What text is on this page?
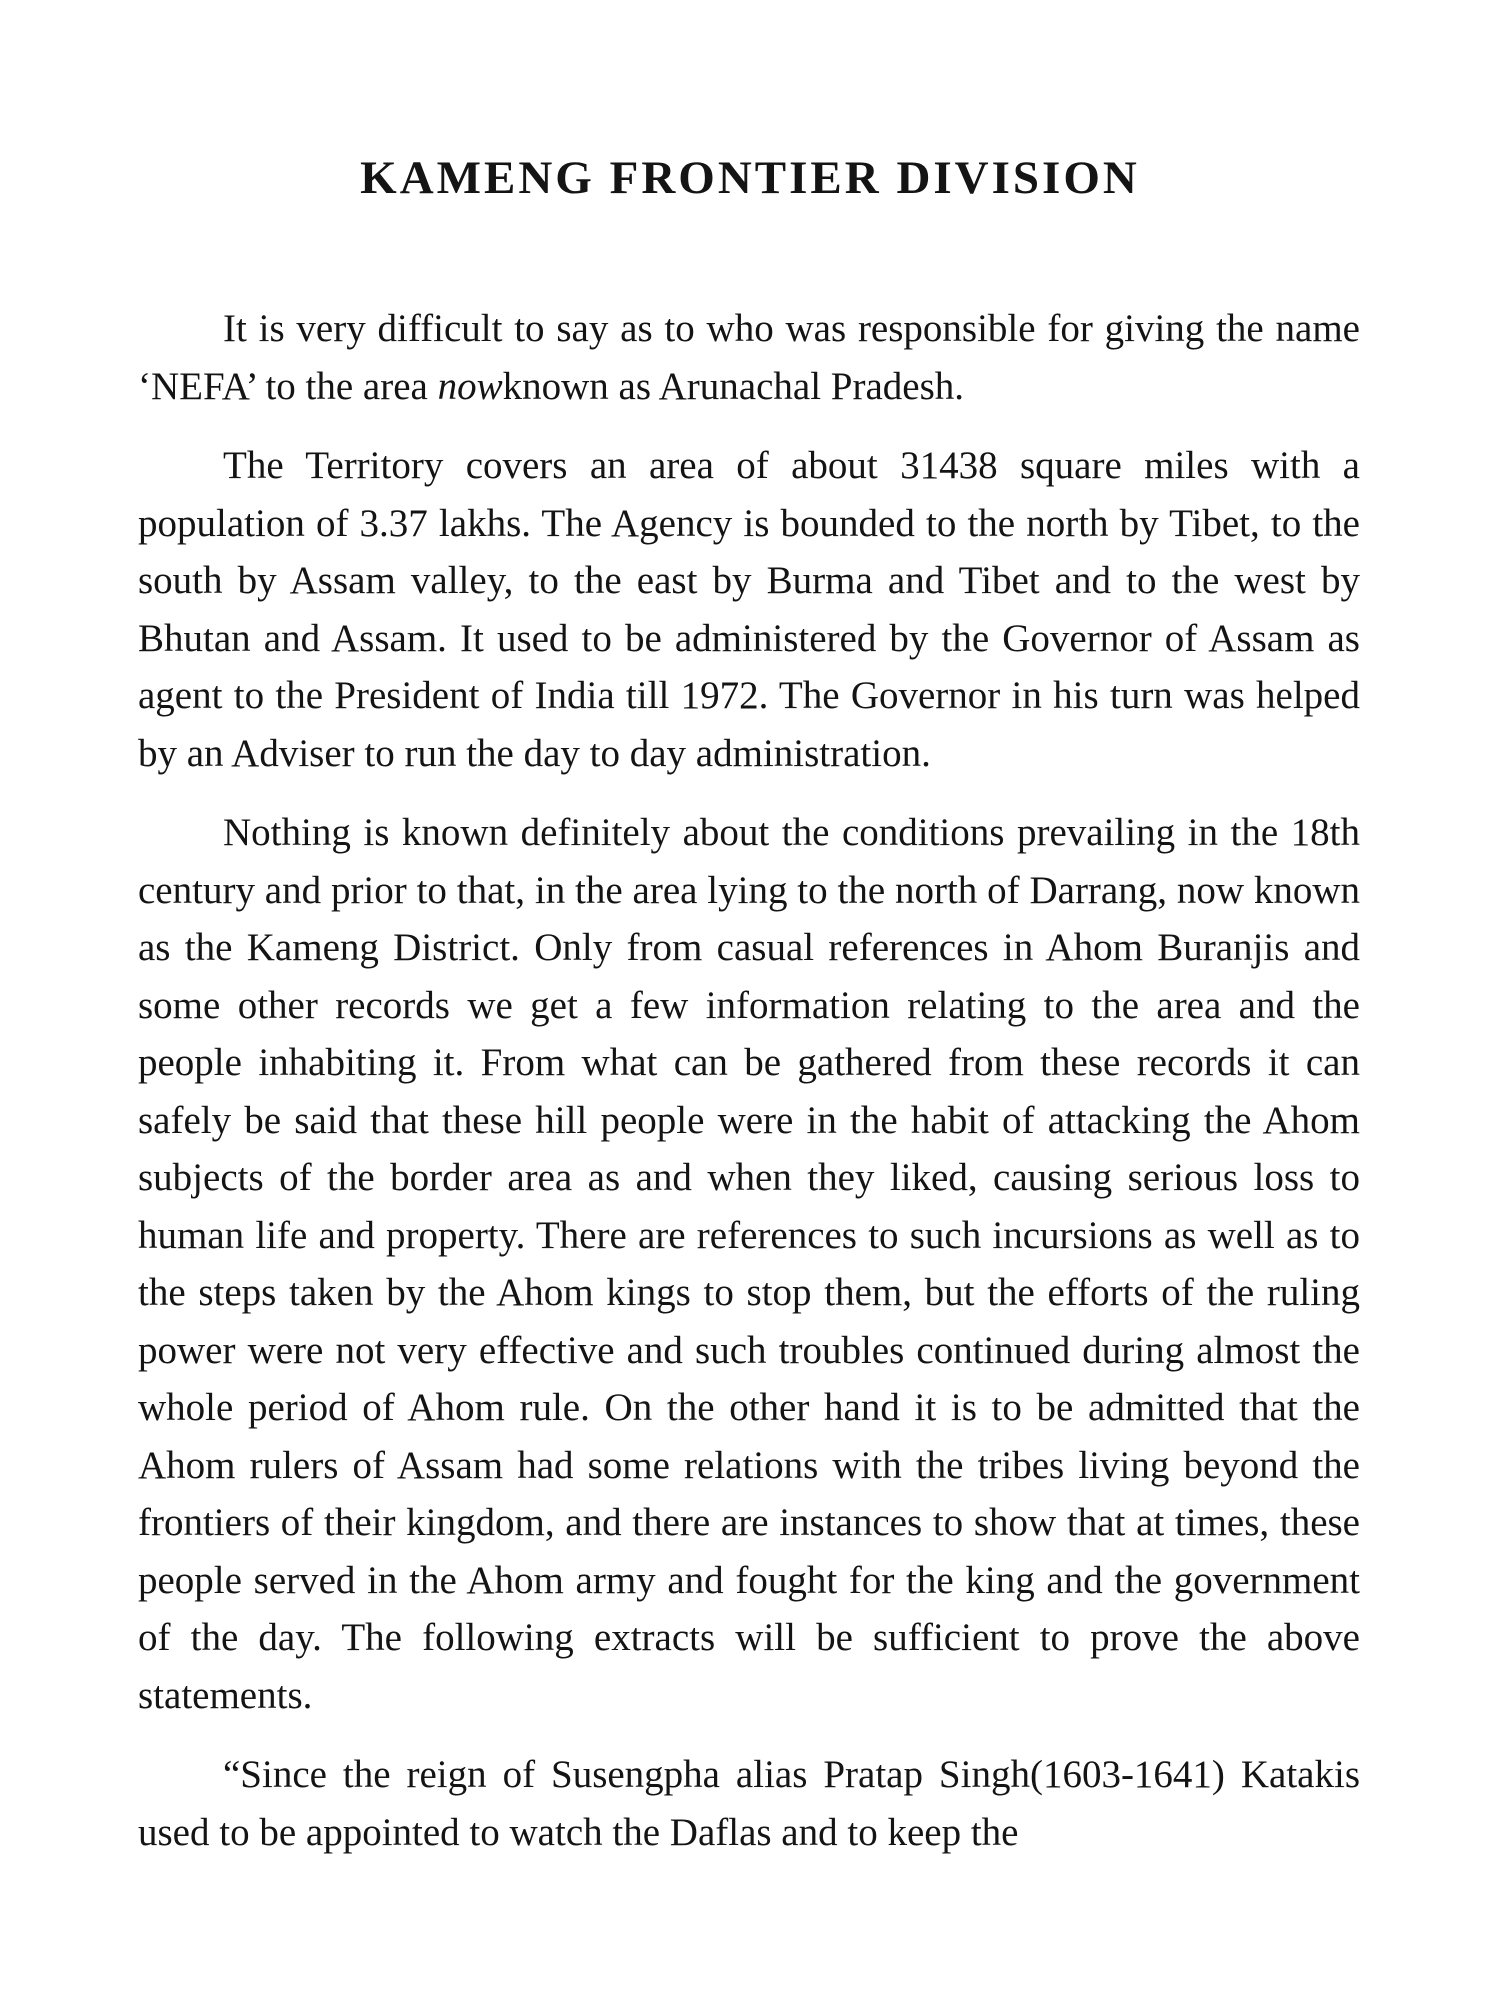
KAMENG FRONTIER DIVISION

It is very difficult to say as to who was responsible for giving the name ‘NEFA’ to the area nowknown as Arunachal Pradesh.

The Territory covers an area of about 31438 square miles with a population of 3.37 lakhs. The Agency is bounded to the north by Tibet, to the south by Assam valley, to the east by Burma and Tibet and to the west by Bhutan and Assam. It used to be administered by the Governor of Assam as agent to the President of India till 1972. The Governor in his turn was helped by an Adviser to run the day to day administration.

Nothing is known definitely about the conditions prevailing in the 18th century and prior to that, in the area lying to the north of Darrang, now known as the Kameng District. Only from casual references in Ahom Buranjis and some other records we get a few information relating to the area and the people inhabiting it. From what can be gathered from these records it can safely be said that these hill people were in the habit of attacking the Ahom subjects of the border area as and when they liked, causing serious loss to human life and property. There are references to such incursions as well as to the steps taken by the Ahom kings to stop them, but the efforts of the ruling power were not very effective and such troubles continued during almost the whole period of Ahom rule. On the other hand it is to be admitted that the Ahom rulers of Assam had some relations with the tribes living beyond the frontiers of their kingdom, and there are instances to show that at times, these people served in the Ahom army and fought for the king and the government of the day. The following extracts will be sufficient to prove the above statements.

“Since the reign of Susengpha alias Pratap Singh(1603-1641) Katakis used to be appointed to watch the Daflas and to keep the
